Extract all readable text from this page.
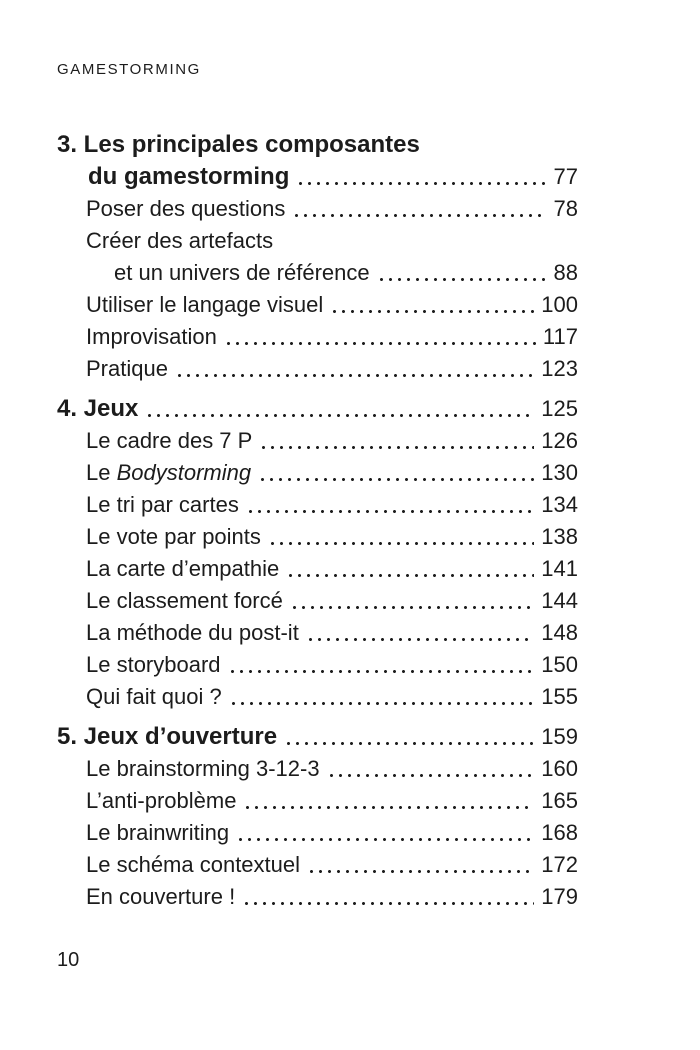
GAMESTORMING
3. Les principales composantes
du gamestorming	77
Poser des questions	78
Créer des artefacts
et un univers de référence	88
Utiliser le langage visuel	100
Improvisation	117
Pratique	123
4. Jeux	125
Le cadre des 7 P	126
Le Bodystorming	130
Le tri par cartes	134
Le vote par points	138
La carte d’empathie	141
Le classement forcé	144
La méthode du post-it	148
Le storyboard	150
Qui fait quoi ?	155
5. Jeux d’ouverture	159
Le brainstorming 3-12-3	160
L’anti-problème	165
Le brainwriting	168
Le schéma contextuel	172
En couverture !	179
10
